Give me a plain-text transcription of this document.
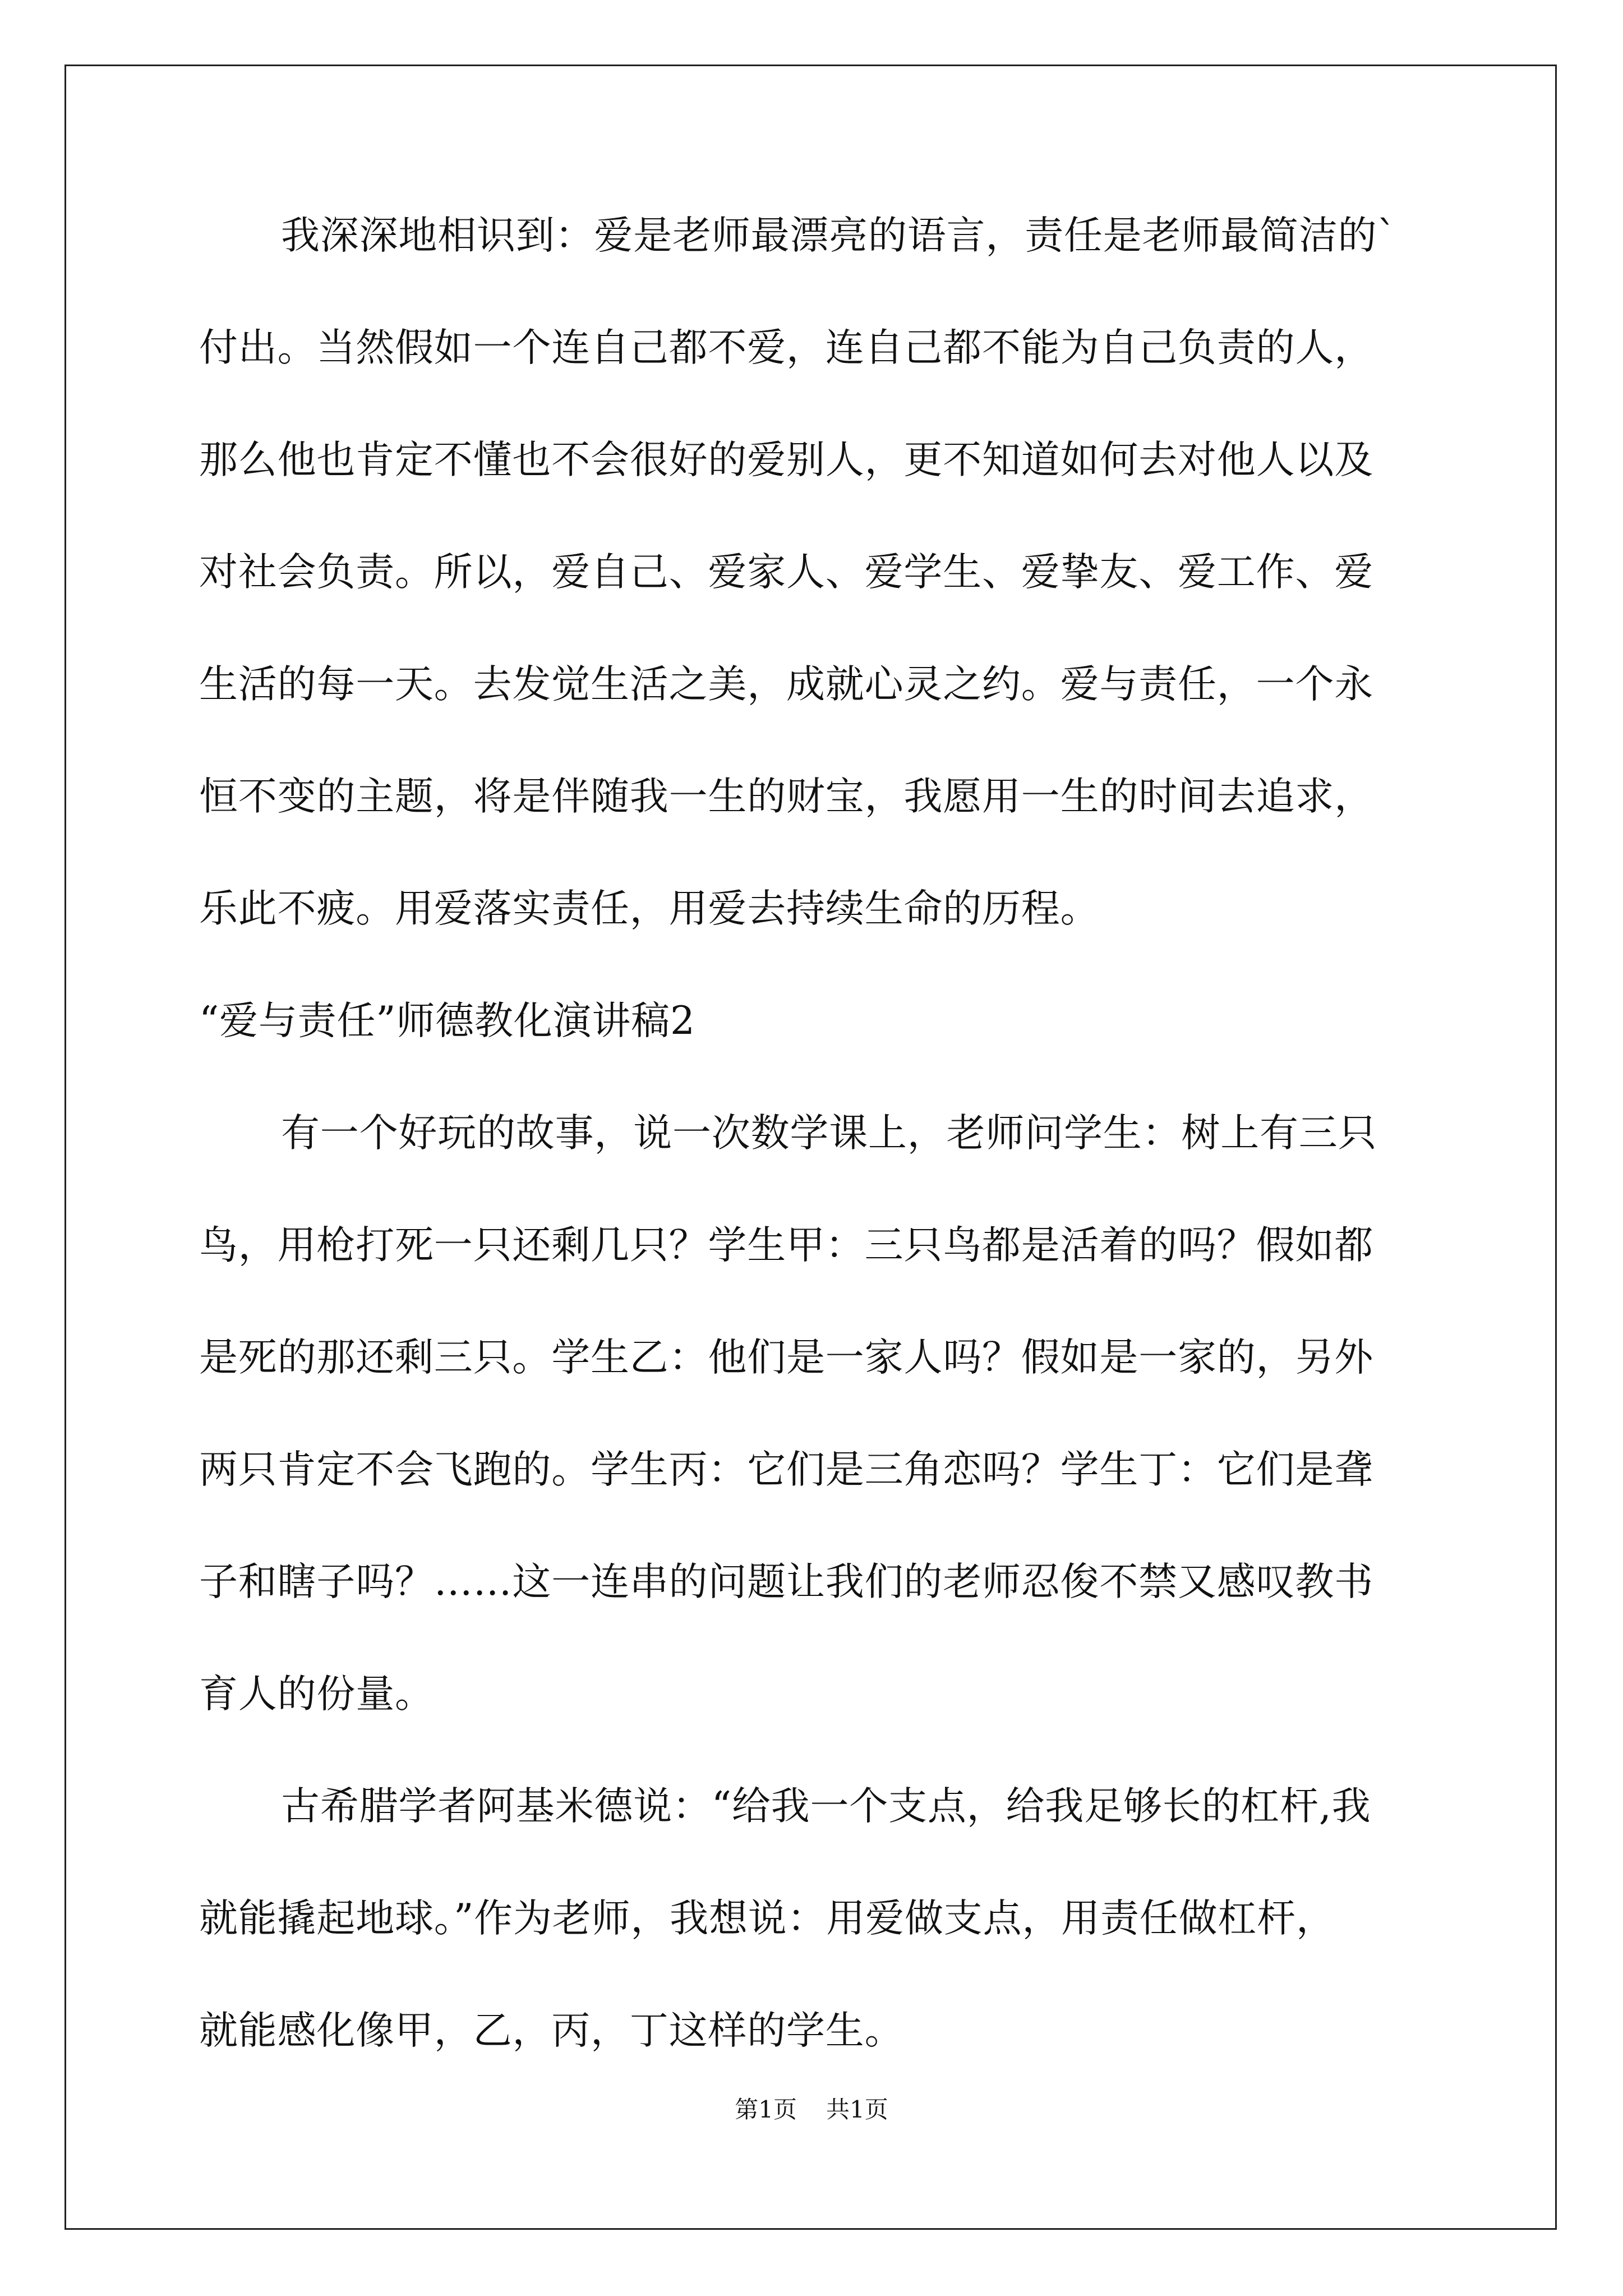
我深深地相识到：爱是老师最漂亮的语言，责任是老师最简洁的`
付出。当然假如一个连自己都不爱，连自己都不能为自己负责的人，
那么他也肯定不懂也不会很好的爱别人，更不知道如何去对他人以及
对社会负责。所以，爱自己、爱家人、爱学生、爱挚友、爱工作、爱
生活的每一天。去发觉生活之美，成就心灵之约。爱与责任，一个永
恒不变的主题，将是伴随我一生的财宝，我愿用一生的时间去追求，
乐此不疲。用爱落实责任，用爱去持续生命的历程。
“爱与责任”师德教化演讲稿2
有一个好玩的故事，说一次数学课上，老师问学生：树上有三只
鸟，用枪打死一只还剩几只？学生甲：三只鸟都是活着的吗？假如都
是死的那还剩三只。学生乙：他们是一家人吗？假如是一家的，另外
两只肯定不会飞跑的。学生丙：它们是三角恋吗？学生丁：它们是聋
子和瞎子吗？……这一连串的问题让我们的老师忍俊不禁又感叹教书
育人的份量。
古希腊学者阿基米德说：“给我一个支点，给我足够长的杠杆,我
就能撬起地球。”作为老师，我想说：用爱做支点，用责任做杠杆，
就能感化像甲，乙，丙，丁这样的学生。
第1页 共1页
